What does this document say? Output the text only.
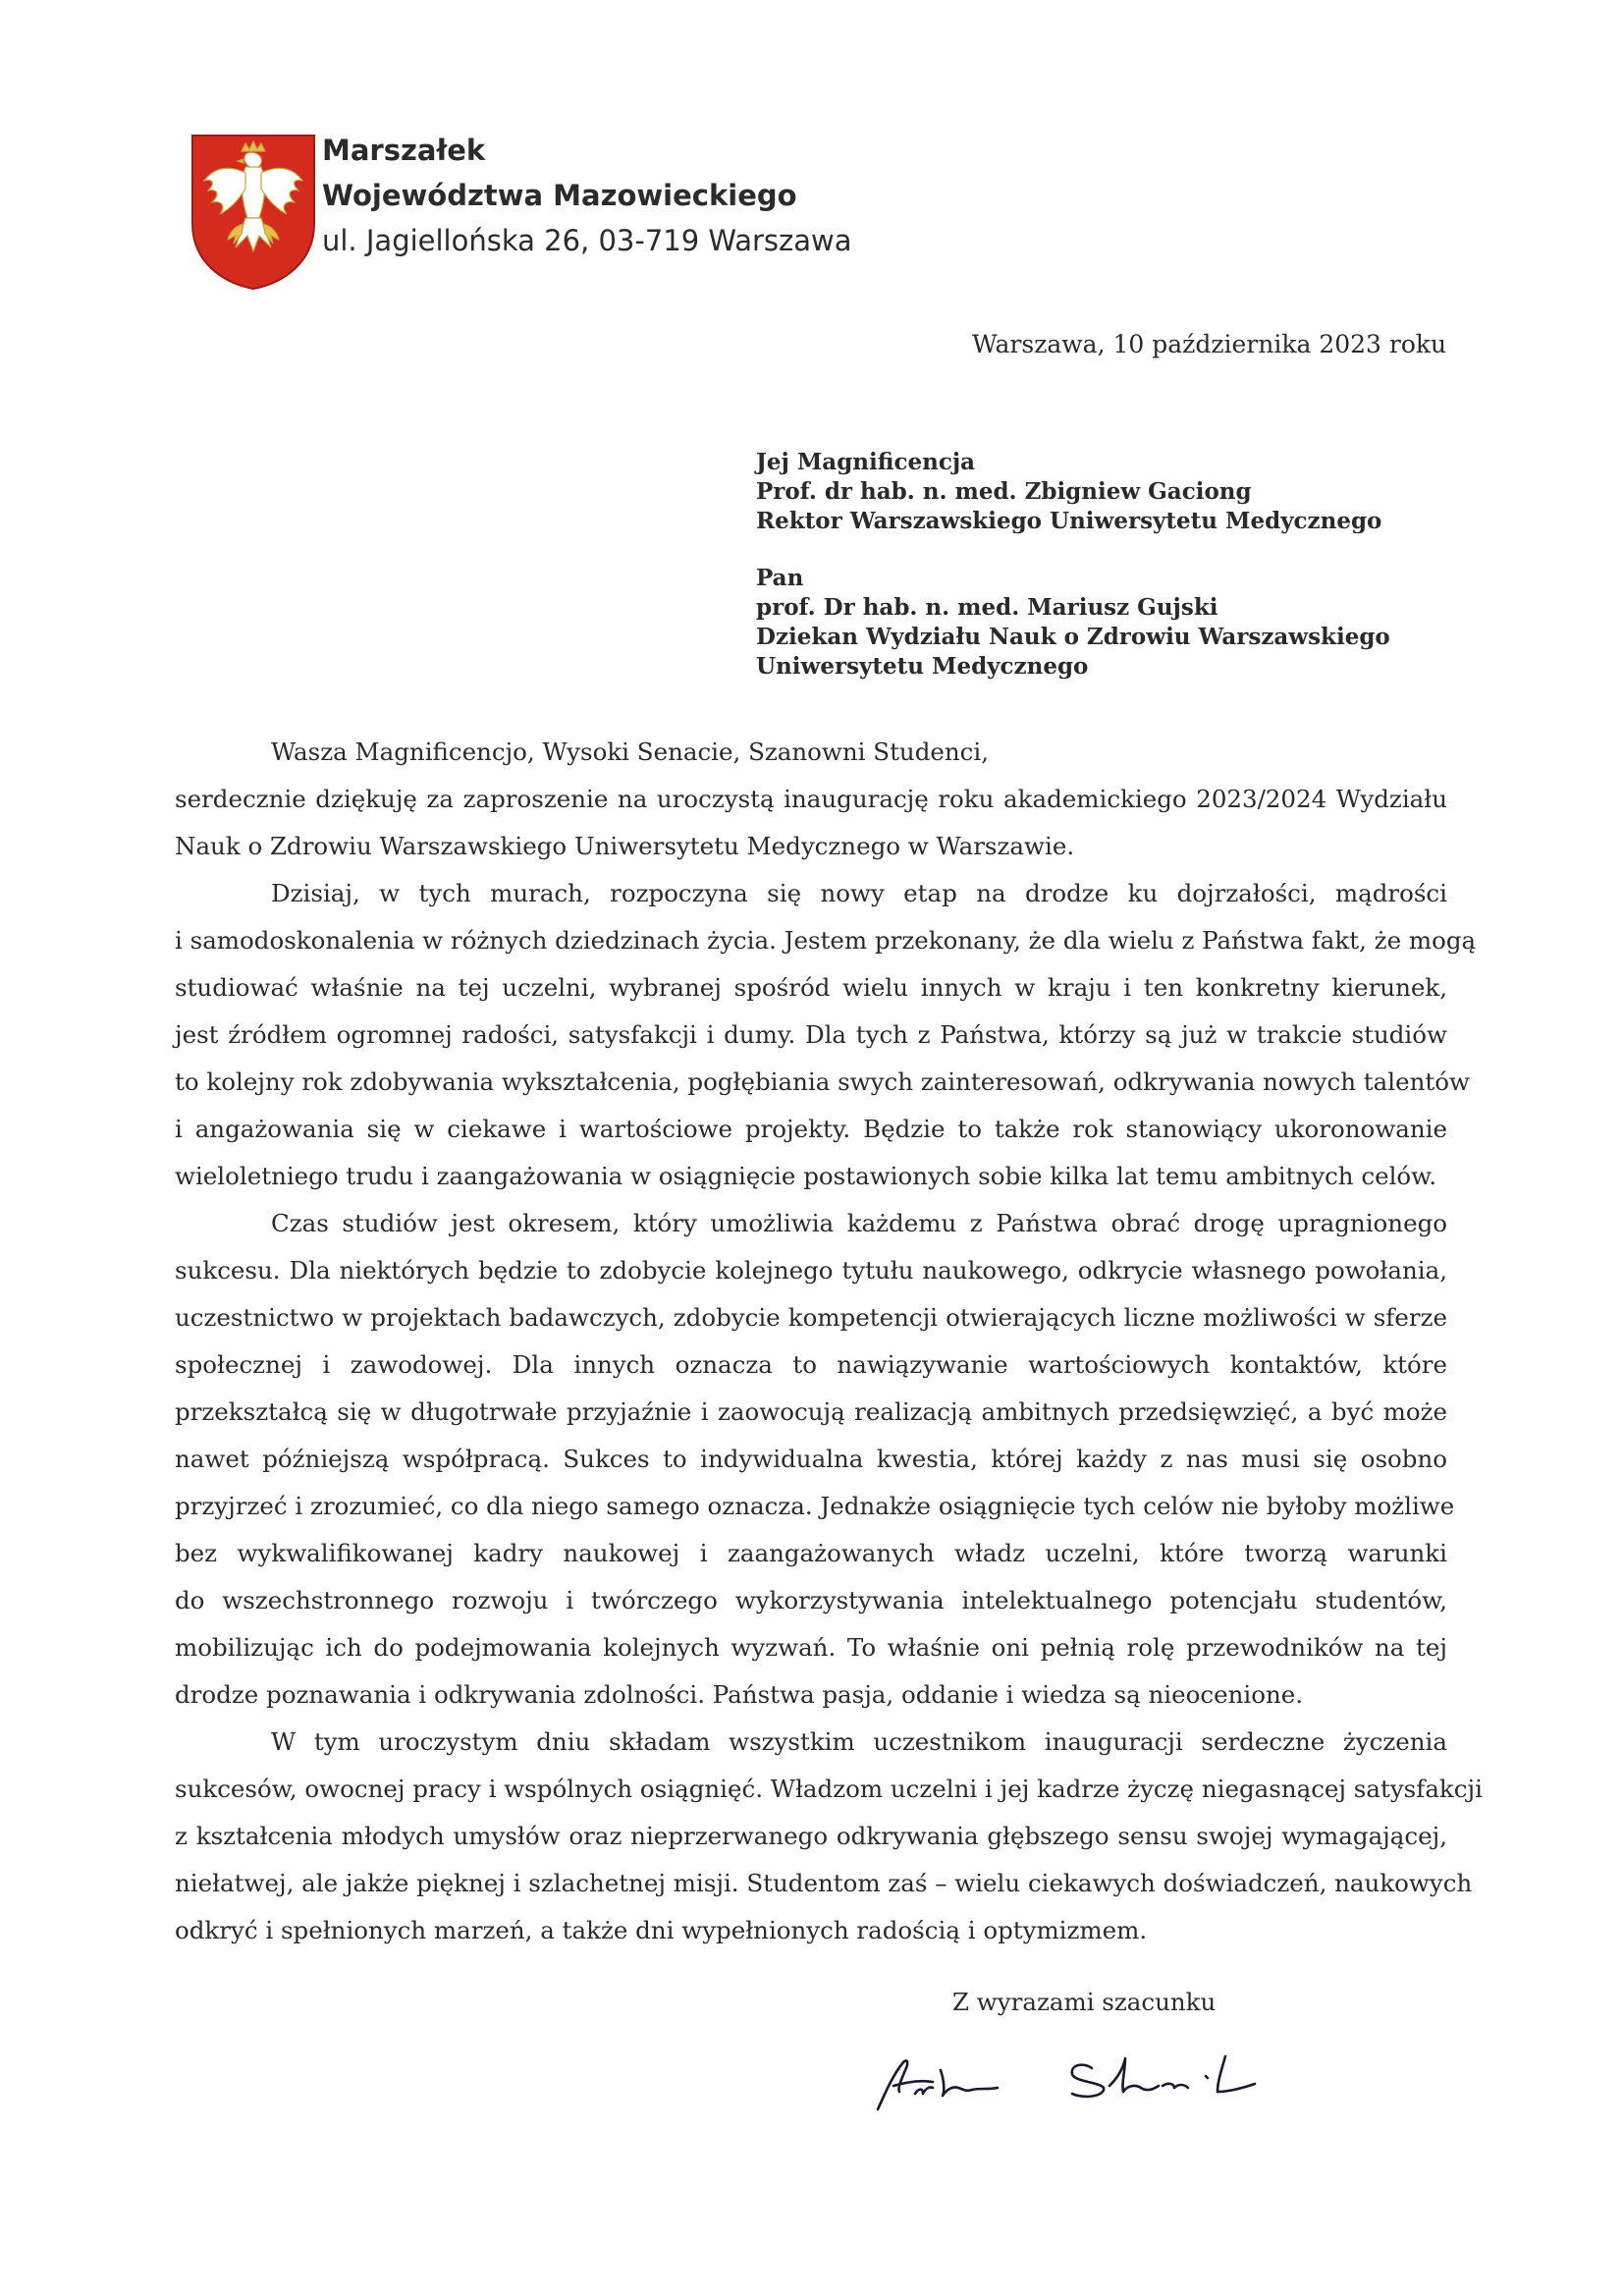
Marszałek
Województwa Mazowieckiego
ul. Jagiellońska 26, 03-719 Warszawa
Warszawa, 10 października 2023 roku
Jej Magnificencja
Prof. dr hab. n. med. Zbigniew Gaciong
Rektor Warszawskiego Uniwersytetu Medycznego
Pan
prof. Dr hab. n. med. Mariusz Gujski
Dziekan Wydziału Nauk o Zdrowiu Warszawskiego
Uniwersytetu Medycznego
Wasza Magnificencjo, Wysoki Senacie, Szanowni Studenci,
serdecznie dziękuję za zaproszenie na uroczystą inaugurację roku akademickiego 2023/2024 Wydziału
Nauk o Zdrowiu Warszawskiego Uniwersytetu Medycznego w Warszawie.
Dzisiaj, w tych murach, rozpoczyna się nowy etap na drodze ku dojrzałości, mądrości
i samodoskonalenia w różnych dziedzinach życia. Jestem przekonany, że dla wielu z Państwa fakt, że mogą
studiować właśnie na tej uczelni, wybranej spośród wielu innych w kraju i ten konkretny kierunek,
jest źródłem ogromnej radości, satysfakcji i dumy. Dla tych z Państwa, którzy są już w trakcie studiów
to kolejny rok zdobywania wykształcenia, pogłębiania swych zainteresowań, odkrywania nowych talentów
i angażowania się w ciekawe i wartościowe projekty. Będzie to także rok stanowiący ukoronowanie
wieloletniego trudu i zaangażowania w osiągnięcie postawionych sobie kilka lat temu ambitnych celów.
Czas studiów jest okresem, który umożliwia każdemu z Państwa obrać drogę upragnionego
sukcesu. Dla niektórych będzie to zdobycie kolejnego tytułu naukowego, odkrycie własnego powołania,
uczestnictwo w projektach badawczych, zdobycie kompetencji otwierających liczne możliwości w sferze
społecznej i zawodowej. Dla innych oznacza to nawiązywanie wartościowych kontaktów, które
przekształcą się w długotrwałe przyjaźnie i zaowocują realizacją ambitnych przedsięwzięć, a być może
nawet późniejszą współpracą. Sukces to indywidualna kwestia, której każdy z nas musi się osobno
przyjrzeć i zrozumieć, co dla niego samego oznacza. Jednakże osiągnięcie tych celów nie byłoby możliwe
bez wykwalifikowanej kadry naukowej i zaangażowanych władz uczelni, które tworzą warunki
do wszechstronnego rozwoju i twórczego wykorzystywania intelektualnego potencjału studentów,
mobilizując ich do podejmowania kolejnych wyzwań. To właśnie oni pełnią rolę przewodników na tej
drodze poznawania i odkrywania zdolności. Państwa pasja, oddanie i wiedza są nieocenione.
W tym uroczystym dniu składam wszystkim uczestnikom inauguracji serdeczne życzenia
sukcesów, owocnej pracy i wspólnych osiągnięć. Władzom uczelni i jej kadrze życzę niegasnącej satysfakcji
z kształcenia młodych umysłów oraz nieprzerwanego odkrywania głębszego sensu swojej wymagającej,
niełatwej, ale jakże pięknej i szlachetnej misji. Studentom zaś – wielu ciekawych doświadczeń, naukowych
odkryć i spełnionych marzeń, a także dni wypełnionych radością i optymizmem.
Z wyrazami szacunku
